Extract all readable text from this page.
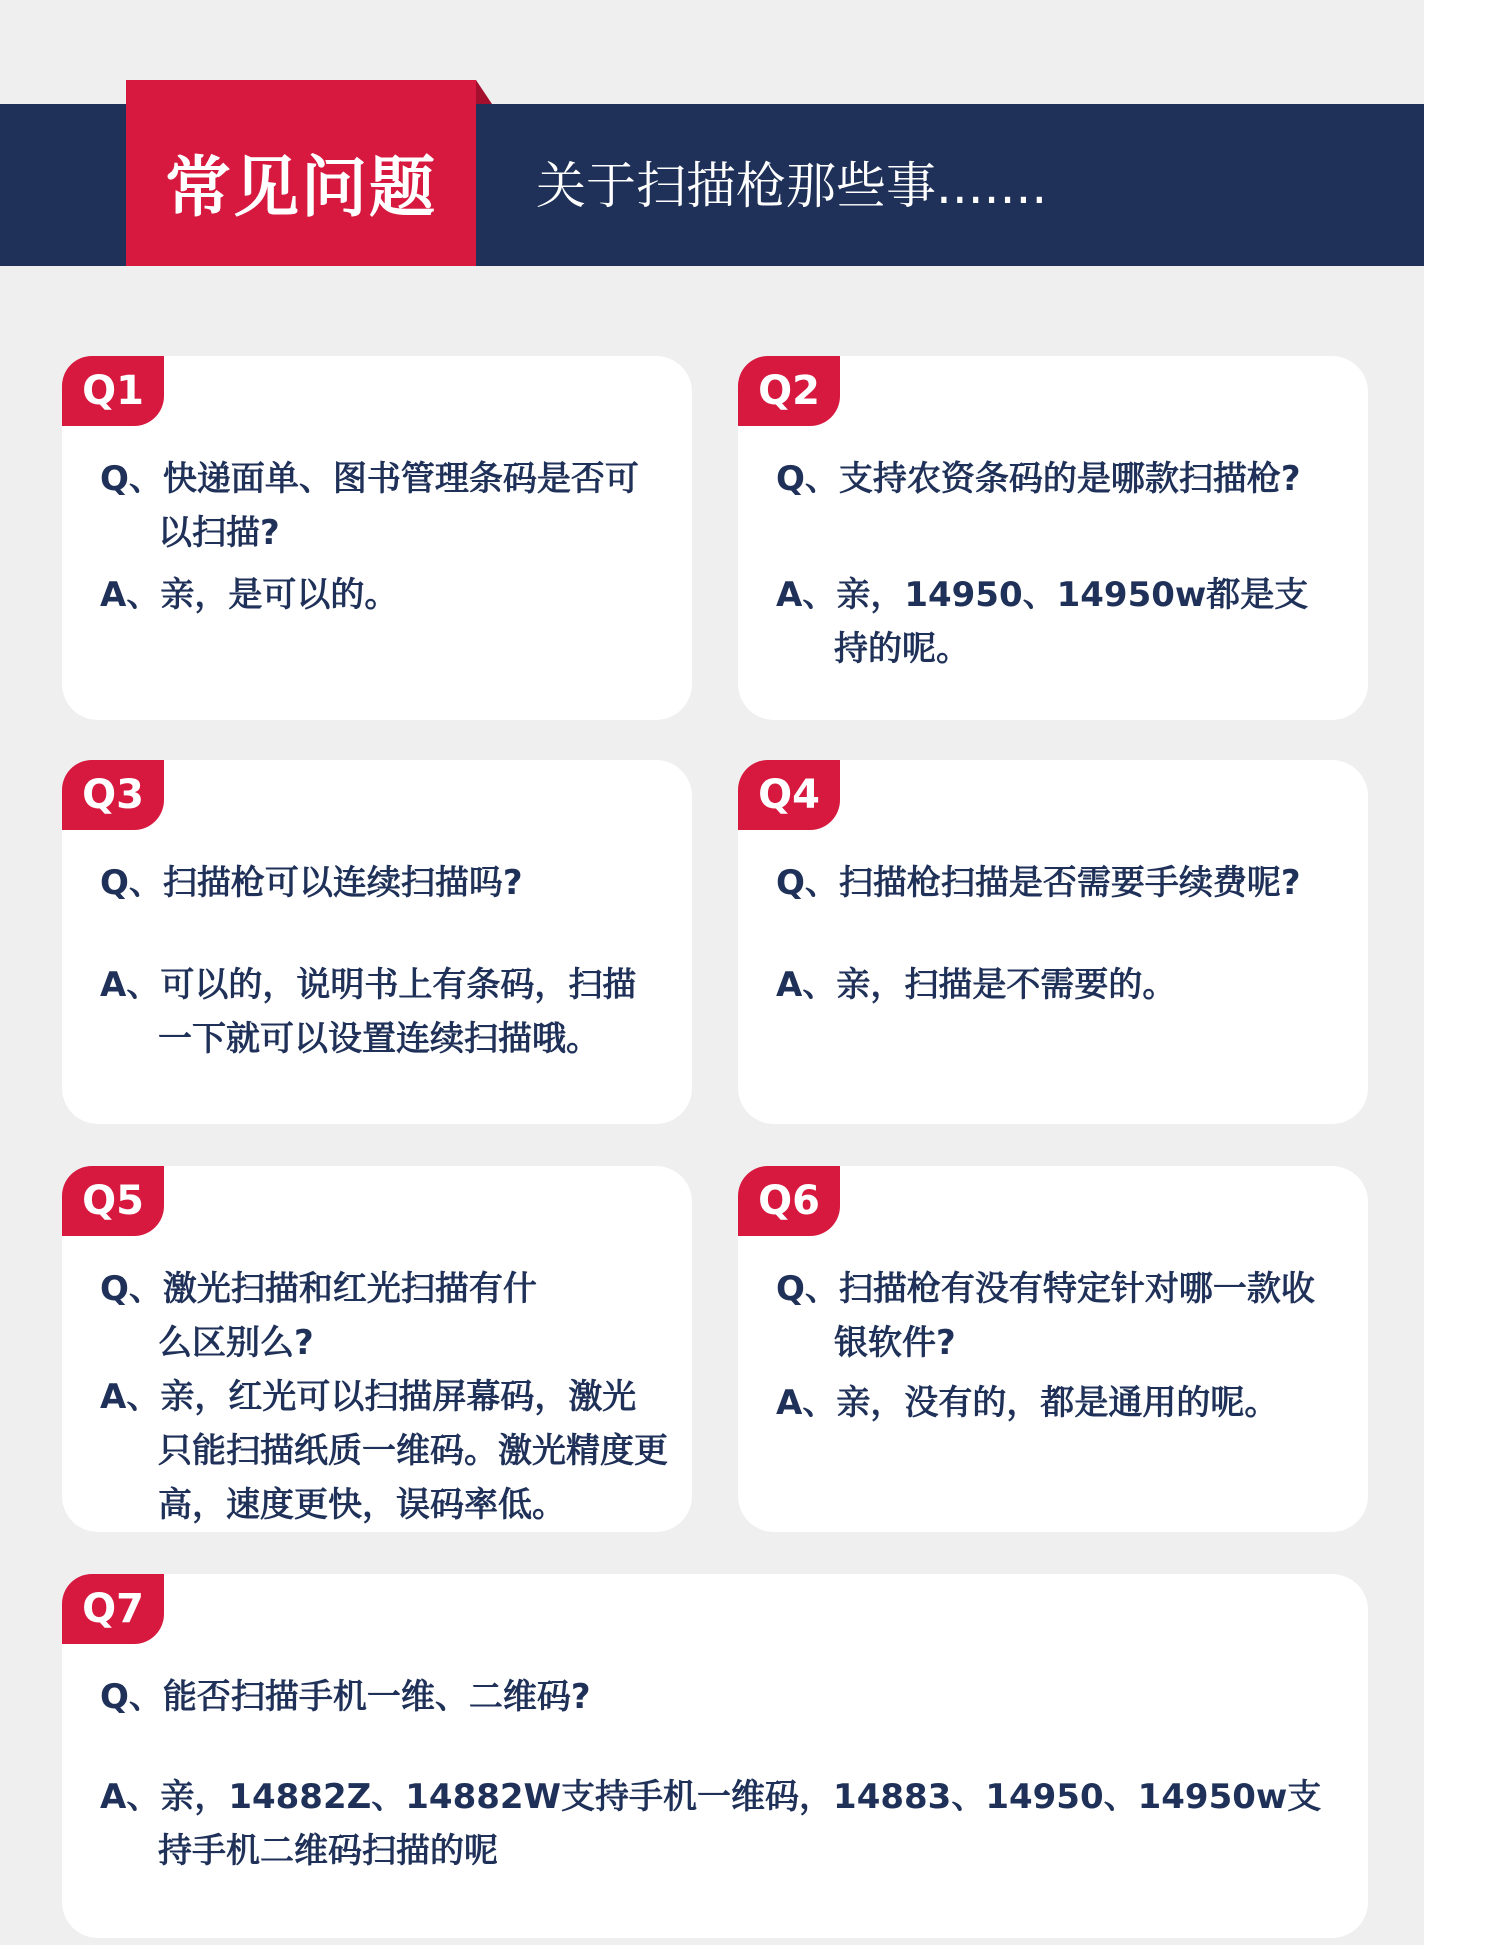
常见问题	关于扫描枪那些事.......
Q1
Q、快递面单、图书管理条码是否可以扫描?
A、亲，是可以的。
Q2
Q、支持农资条码的是哪款扫描枪?
A、亲，14950、14950w都是支持的呢。
Q3
Q、扫描枪可以连续扫描吗?
A、可以的，说明书上有条码，扫描一下就可以设置连续扫描哦。
Q4
Q、扫描枪扫描是否需要手续费呢?
A、亲，扫描是不需要的。
Q5
Q、激光扫描和红光扫描有什么区别么?
A、亲，红光可以扫描屏幕码，激光只能扫描纸质一维码。激光精度更高，速度更快，误码率低。
Q6
Q、扫描枪有没有特定针对哪一款收银软件?
A、亲，没有的，都是通用的呢。
Q7
Q、能否扫描手机一维、二维码?
A、亲，14882Z、14882W支持手机一维码，14883、14950、14950w支持手机二维码扫描的呢
